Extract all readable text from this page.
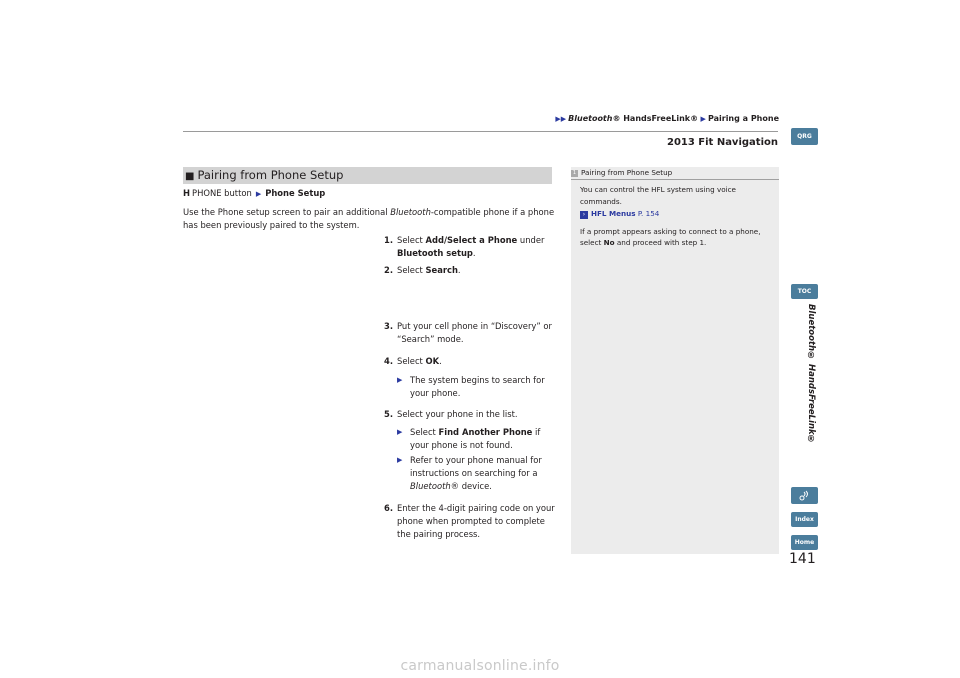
▶▶ Bluetooth® HandsFreeLink® ▶ Pairing a Phone
2013 Fit Navigation
QRG
TOC
Bluetooth® HandsFreeLink®
Index
Home
141
■ Pairing from Phone Setup
H PHONE button ▶ Phone Setup
Use the Phone setup screen to pair an additional Bluetooth-compatible phone if a phone has been previously paired to the system.
1. Select Add/Select a Phone under Bluetooth setup.
2. Select Search.
3. Put your cell phone in “Discovery” or “Search” mode.
4. Select OK.
▶ The system begins to search for your phone.
5. Select your phone in the list.
▶ Select Find Another Phone if your phone is not found.
▶ Refer to your phone manual for instructions on searching for a Bluetooth® device.
6. Enter the 4-digit pairing code on your phone when prompted to complete the pairing process.
1 Pairing from Phone Setup

You can control the HFL system using voice commands.

› HFL Menus P. 154

If a prompt appears asking to connect to a phone, select No and proceed with step 1.

carmanualsonline.info
